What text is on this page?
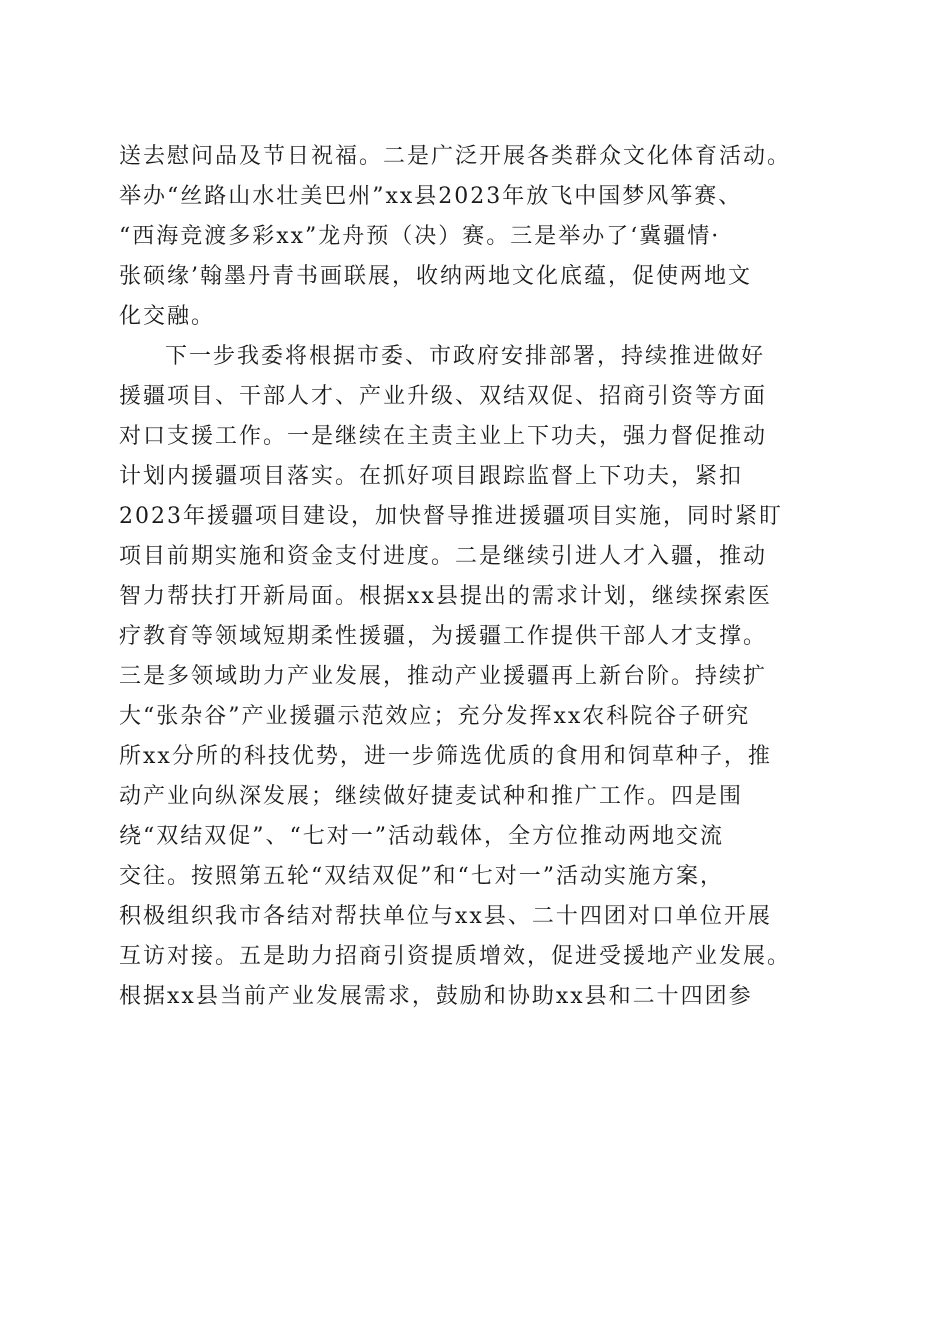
送去慰问品及节日祝福。二是广泛开展各类群众文化体育活动。
举办“丝路山水壮美巴州”xx县2023年放飞中国梦风筝赛、
“西海竞渡多彩xx”龙舟预（决）赛。三是举办了‘冀疆情·
张硕缘’翰墨丹青书画联展，收纳两地文化底蕴，促使两地文
化交融。
下一步我委将根据市委、市政府安排部署，持续推进做好
援疆项目、干部人才、产业升级、双结双促、招商引资等方面
对口支援工作。一是继续在主责主业上下功夫，强力督促推动
计划内援疆项目落实。在抓好项目跟踪监督上下功夫，紧扣
2023年援疆项目建设，加快督导推进援疆项目实施，同时紧盯
项目前期实施和资金支付进度。二是继续引进人才入疆，推动
智力帮扶打开新局面。根据xx县提出的需求计划，继续探索医
疗教育等领域短期柔性援疆，为援疆工作提供干部人才支撑。
三是多领域助力产业发展，推动产业援疆再上新台阶。持续扩
大“张杂谷”产业援疆示范效应；充分发挥xx农科院谷子研究
所xx分所的科技优势，进一步筛选优质的食用和饲草种子，推
动产业向纵深发展；继续做好捷麦试种和推广工作。四是围
绕“双结双促”、“七对一”活动载体，全方位推动两地交流
交往。按照第五轮“双结双促”和“七对一”活动实施方案，
积极组织我市各结对帮扶单位与xx县、二十四团对口单位开展
互访对接。五是助力招商引资提质增效，促进受援地产业发展。
根据xx县当前产业发展需求，鼓励和协助xx县和二十四团参
